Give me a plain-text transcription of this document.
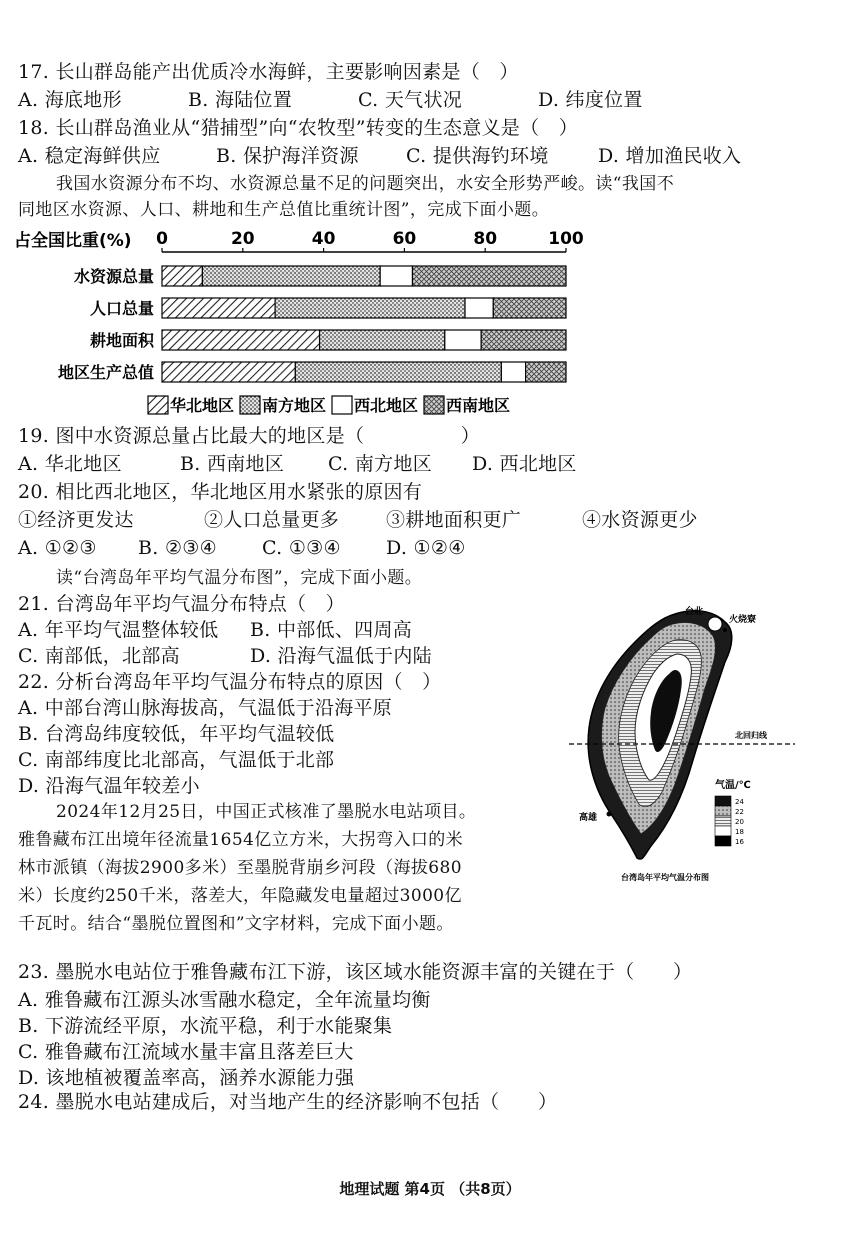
17. 长山群岛能产出优质冷水海鲜，主要影响因素是（　）
A. 海底地形	B. 海陆位置	C. 天气状况	D. 纬度位置
18. 长山群岛渔业从“猎捕型”向“农牧型”转变的生态意义是（　）
A. 稳定海鲜供应	B. 保护海洋资源 C. 提供海钓环境	D. 增加渔民收入
我国水资源分布不均、水资源总量不足的问题突出，水安全形势严峻。读“我国不
同地区水资源、人口、耕地和生产总值比重统计图”，完成下面小题。
占全国比重(%) 0	20	40	60	80	100
水资源总量
人口总量
耕地面积
地区生产总值
华北地区 南方地区 西北地区 西南地区
19. 图中水资源总量占比最大的地区是（　　　　　）
A. 华北地区	B. 西南地区 C. 南方地区 D. 西北地区
20. 相比西北地区，华北地区用水紧张的原因有
①经济更发达	②人口总量更多 ③耕地面积更广	④水资源更少
A. ①②③ B. ②③④ C. ①③④ D. ①②④
读“台湾岛年平均气温分布图”，完成下面小题。
21. 台湾岛年平均气温分布特点（　）
A. 年平均气温整体较低 B. 中部低、四周高
C. 南部低，北部高	D. 沿海气温低于内陆
22. 分析台湾岛年平均气温分布特点的原因（　）
A. 中部台湾山脉海拔高，气温低于沿海平原
B. 台湾岛纬度较低，年平均气温较低
C. 南部纬度比北部高，气温低于北部
D. 沿海气温年较差小
2024年12月25日，中国正式核准了墨脱水电站项目。
雅鲁藏布江出境年径流量1654亿立方米，大拐弯入口的米
林市派镇（海拔2900多米）至墨脱背崩乡河段（海拔680
米）长度约250千米，落差大，年隐藏发电量超过3000亿
千瓦时。结合“墨脱位置图和”文字材料，完成下面小题。
台北
火烧寮
北回归线
高雄
气温/℃
24
22
20
18
16
台湾岛年平均气温分布图
23. 墨脱水电站位于雅鲁藏布江下游，该区域水能资源丰富的关键在于（　　）
A. 雅鲁藏布江源头冰雪融水稳定，全年流量均衡
B. 下游流经平原，水流平稳，利于水能聚集
C. 雅鲁藏布江流域水量丰富且落差巨大
D. 该地植被覆盖率高，涵养水源能力强
24. 墨脱水电站建成后，对当地产生的经济影响不包括（　　）
地理试题 第4页 （共8页）
